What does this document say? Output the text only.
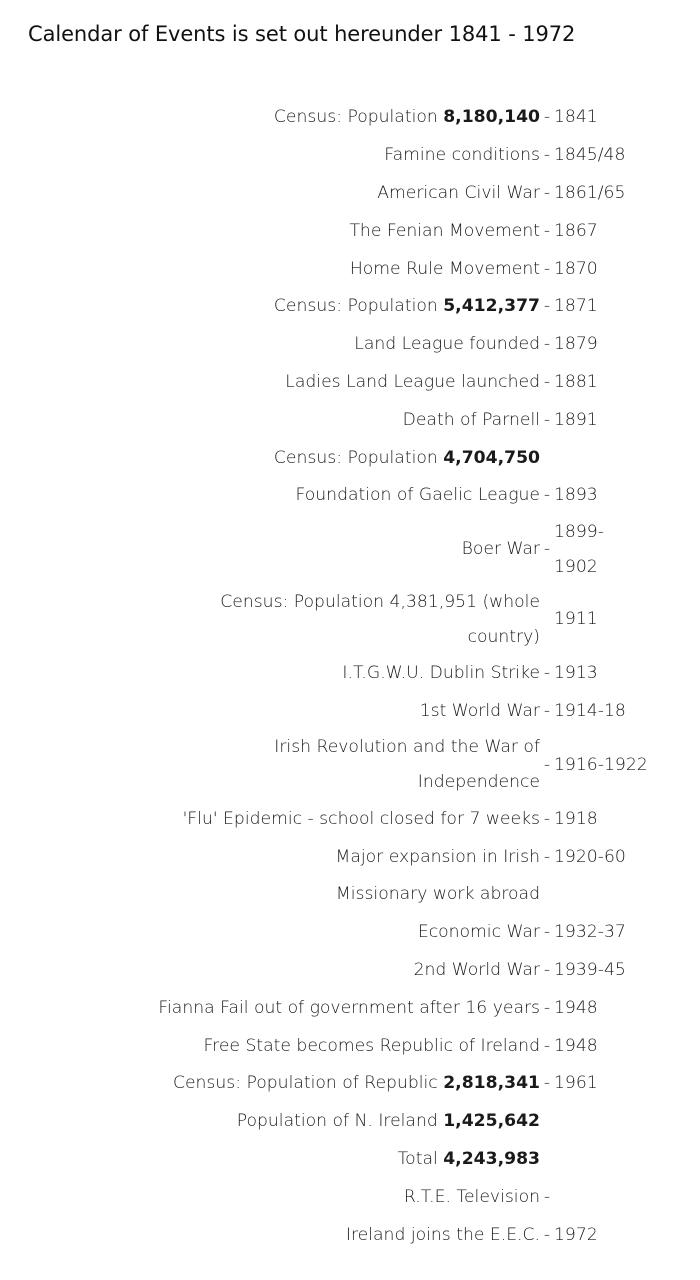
Calendar of Events is set out hereunder 1841 - 1972
Census: Population 8,180,140 - 1841
Famine conditions - 1845/48
American Civil War - 1861/65
The Fenian Movement - 1867
Home Rule Movement - 1870
Census: Population 5,412,377 - 1871
Land League founded - 1879
Ladies Land League launched - 1881
Death of Parnell - 1891
Census: Population 4,704,750
Foundation of Gaelic League - 1893
Boer War -
1899-1902
Census: Population 4,381,951 (whole country)
1911
I.T.G.W.U. Dublin Strike - 1913
1st World War - 1914-18
Irish Revolution and the War of Independence
- 1916-1922
'Flu' Epidemic - school closed for 7 weeks - 1918
Major expansion in Irish - 1920-60
Missionary work abroad
Economic War - 1932-37
2nd World War - 1939-45
Fianna Fail out of government after 16 years - 1948
Free State becomes Republic of Ireland - 1948
Census: Population of Republic 2,818,341 - 1961
Population of N. Ireland 1,425,642
Total 4,243,983
R.T.E. Television -
Ireland joins the E.E.C. - 1972
